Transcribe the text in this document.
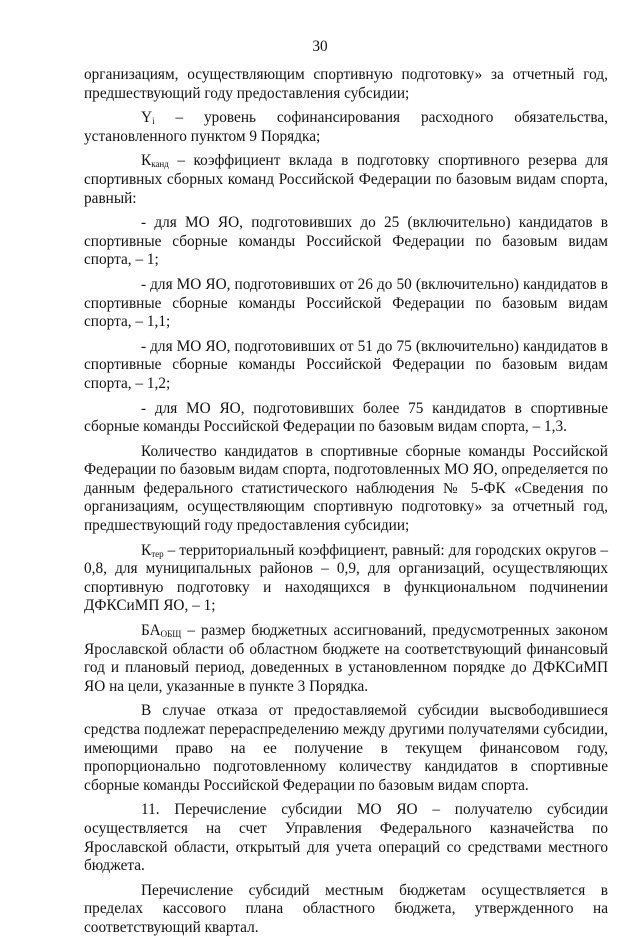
30

организациям, осуществляющим спортивную подготовку» за отчетный год, предшествующий году предоставления субсидии;

$Y_i$ – уровень софинансирования расходного обязательства, установленного пунктом 9 Порядка;

$К_{канд}$ – коэффициент вклада в подготовку спортивного резерва для спортивных сборных команд Российской Федерации по базовым видам спорта, равный:

- для МО ЯО, подготовивших до 25 (включительно) кандидатов в спортивные сборные команды Российской Федерации по базовым видам спорта, – 1;

- для МО ЯО, подготовивших от 26 до 50 (включительно) кандидатов в спортивные сборные команды Российской Федерации по базовым видам спорта, – 1,1;

- для МО ЯО, подготовивших от 51 до 75 (включительно) кандидатов в спортивные сборные команды Российской Федерации по базовым видам спорта, – 1,2;

- для МО ЯО, подготовивших более 75 кандидатов в спортивные сборные команды Российской Федерации по базовым видам спорта, – 1,3.

Количество кандидатов в спортивные сборные команды Российской Федерации по базовым видам спорта, подготовленных МО ЯО, определяется по данным федерального статистического наблюдения № 5-ФК «Сведения по организациям, осуществляющим спортивную подготовку» за отчетный год, предшествующий году предоставления субсидии;

$К_{тер}$ – территориальный коэффициент, равный: для городских округов – 0,8, для муниципальных районов – 0,9, для организаций, осуществляющих спортивную подготовку и находящихся в функциональном подчинении ДФКСиМП ЯО, – 1;

$БА_{ОБЩ}$ – размер бюджетных ассигнований, предусмотренных законом Ярославской области об областном бюджете на соответствующий финансовый год и плановый период, доведенных в установленном порядке до ДФКСиМП ЯО на цели, указанные в пункте 3 Порядка.

В случае отказа от предоставляемой субсидии высвободившиеся средства подлежат перераспределению между другими получателями субсидии, имеющими право на ее получение в текущем финансовом году, пропорционально подготовленному количеству кандидатов в спортивные сборные команды Российской Федерации по базовым видам спорта.

11. Перечисление субсидии МО ЯО – получателю субсидии осуществляется на счет Управления Федерального казначейства по Ярославской области, открытый для учета операций со средствами местного бюджета.

Перечисление субсидий местным бюджетам осуществляется в пределах кассового плана областного бюджета, утвержденного на соответствующий квартал.
